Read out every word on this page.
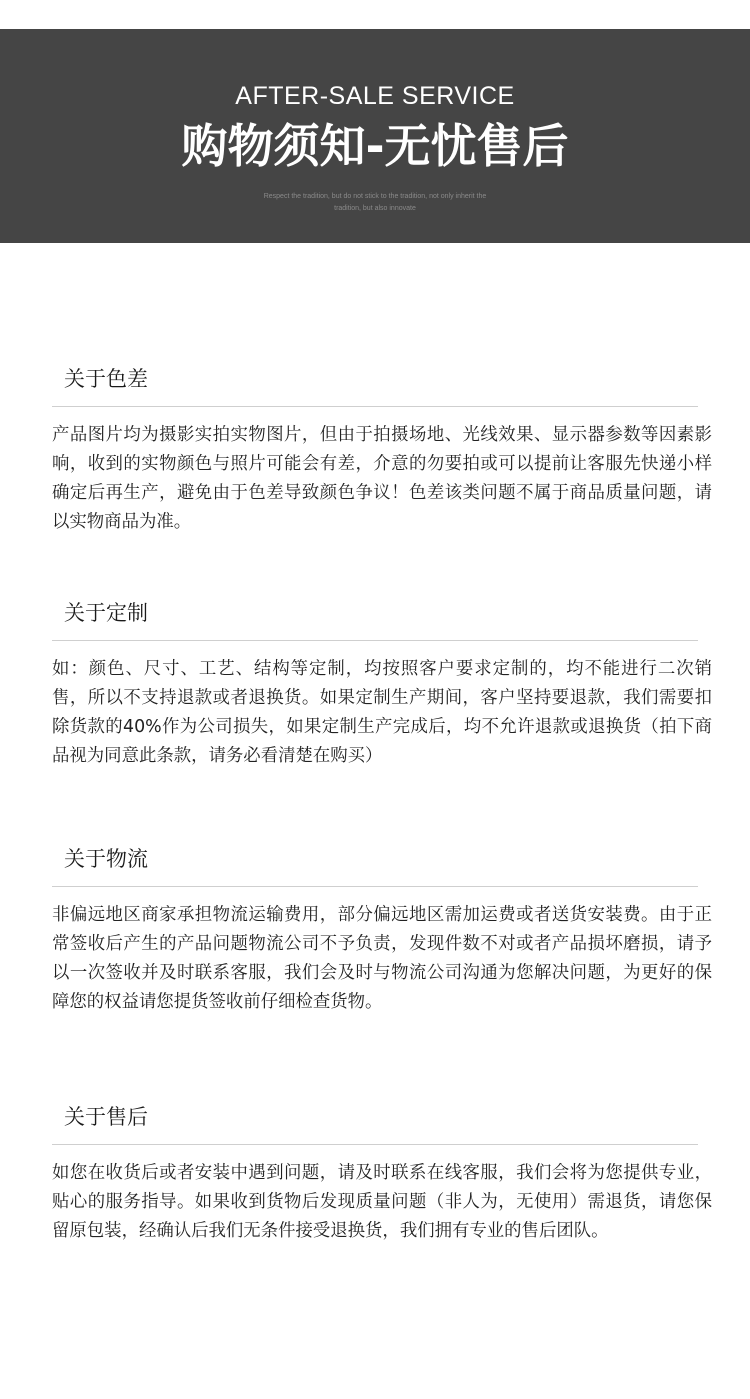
AFTER-SALE SERVICE
购物须知-无忧售后
Respect the tradition, but do not stick to the tradition, not only inherit the tradition, but also innovate
关于色差
产品图片均为摄影实拍实物图片，但由于拍摄场地、光线效果、显示器参数等因素影响，收到的实物颜色与照片可能会有差，介意的勿要拍或可以提前让客服先快递小样确定后再生产，避免由于色差导致颜色争议！色差该类问题不属于商品质量问题，请以实物商品为准。
关于定制
如：颜色、尺寸、工艺、结构等定制，均按照客户要求定制的，均不能进行二次销售，所以不支持退款或者退换货。如果定制生产期间，客户坚持要退款，我们需要扣除货款的40%作为公司损失，如果定制生产完成后，均不允许退款或退换货（拍下商品视为同意此条款，请务必看清楚在购买）
关于物流
非偏远地区商家承担物流运输费用，部分偏远地区需加运费或者送货安装费。由于正常签收后产生的产品问题物流公司不予负责，发现件数不对或者产品损坏磨损，请予以一次签收并及时联系客服，我们会及时与物流公司沟通为您解决问题，为更好的保障您的权益请您提货签收前仔细检查货物。
关于售后
如您在收货后或者安装中遇到问题，请及时联系在线客服，我们会将为您提供专业，贴心的服务指导。如果收到货物后发现质量问题（非人为，无使用）需退货，请您保留原包装，经确认后我们无条件接受退换货，我们拥有专业的售后团队。
